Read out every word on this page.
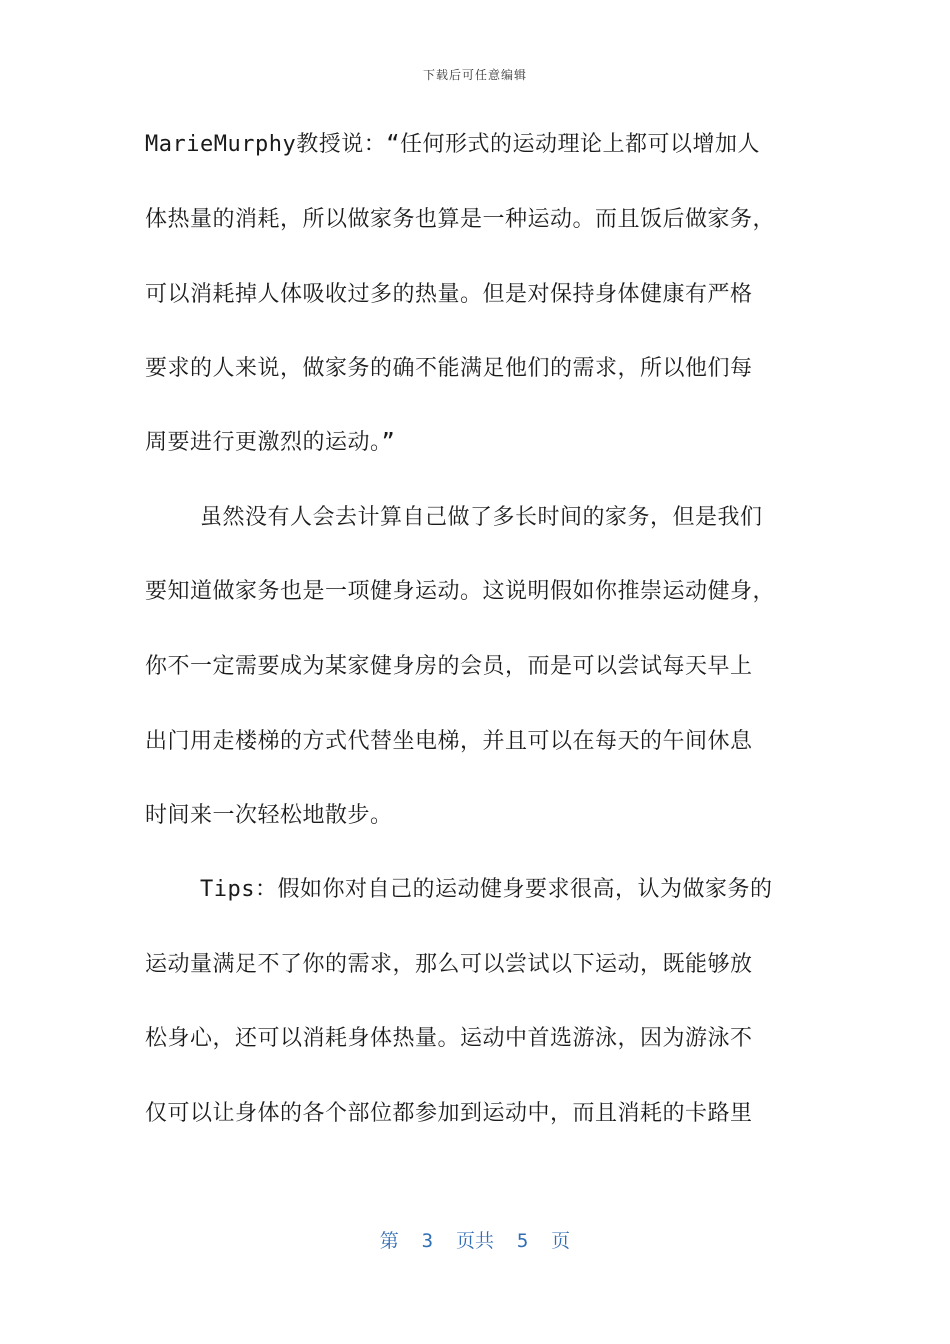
下载后可任意编辑
MarieMurphy教授说：“任何形式的运动理论上都可以增加人
体热量的消耗，所以做家务也算是一种运动。而且饭后做家务，
可以消耗掉人体吸收过多的热量。但是对保持身体健康有严格
要求的人来说，做家务的确不能满足他们的需求，所以他们每
周要进行更激烈的运动。”
虽然没有人会去计算自己做了多长时间的家务，但是我们
要知道做家务也是一项健身运动。这说明假如你推崇运动健身，
你不一定需要成为某家健身房的会员，而是可以尝试每天早上
出门用走楼梯的方式代替坐电梯，并且可以在每天的午间休息
时间来一次轻松地散步。
Tips：假如你对自己的运动健身要求很高，认为做家务的
运动量满足不了你的需求，那么可以尝试以下运动，既能够放
松身心，还可以消耗身体热量。运动中首选游泳，因为游泳不
仅可以让身体的各个部位都参加到运动中，而且消耗的卡路里
第  3  页共  5  页
